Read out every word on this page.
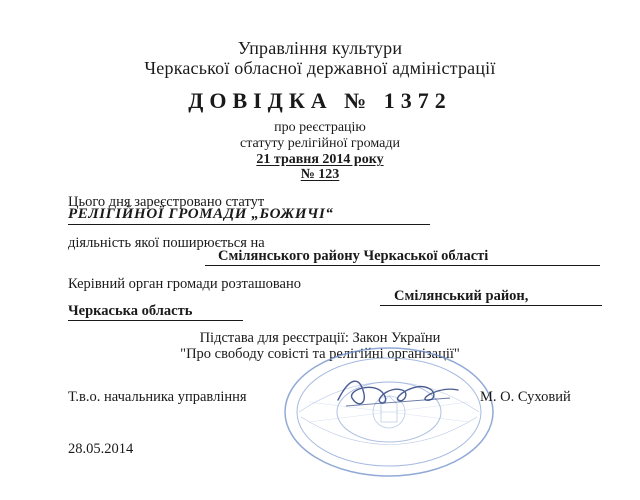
Управління культури
Черкаської обласної державної адміністрації
ДОВІДКА № 1372
про реєстрацію
статуту релігійної громади
21 травня 2014 року
№ 123
Цього дня зареєстровано статут
РЕЛІГІЙНОЇ ГРОМАДИ „БОЖИЧІ“
діяльність якої поширюється на
Смілянського району Черкаської області
Керівний орган громади розташовано
Смілянський район,
Черкаська область
Підстава для реєстрації: Закон України
"Про свободу совісті та релігійні організації"
Т.в.о. начальника управління	М. О. Суховий
28.05.2014
